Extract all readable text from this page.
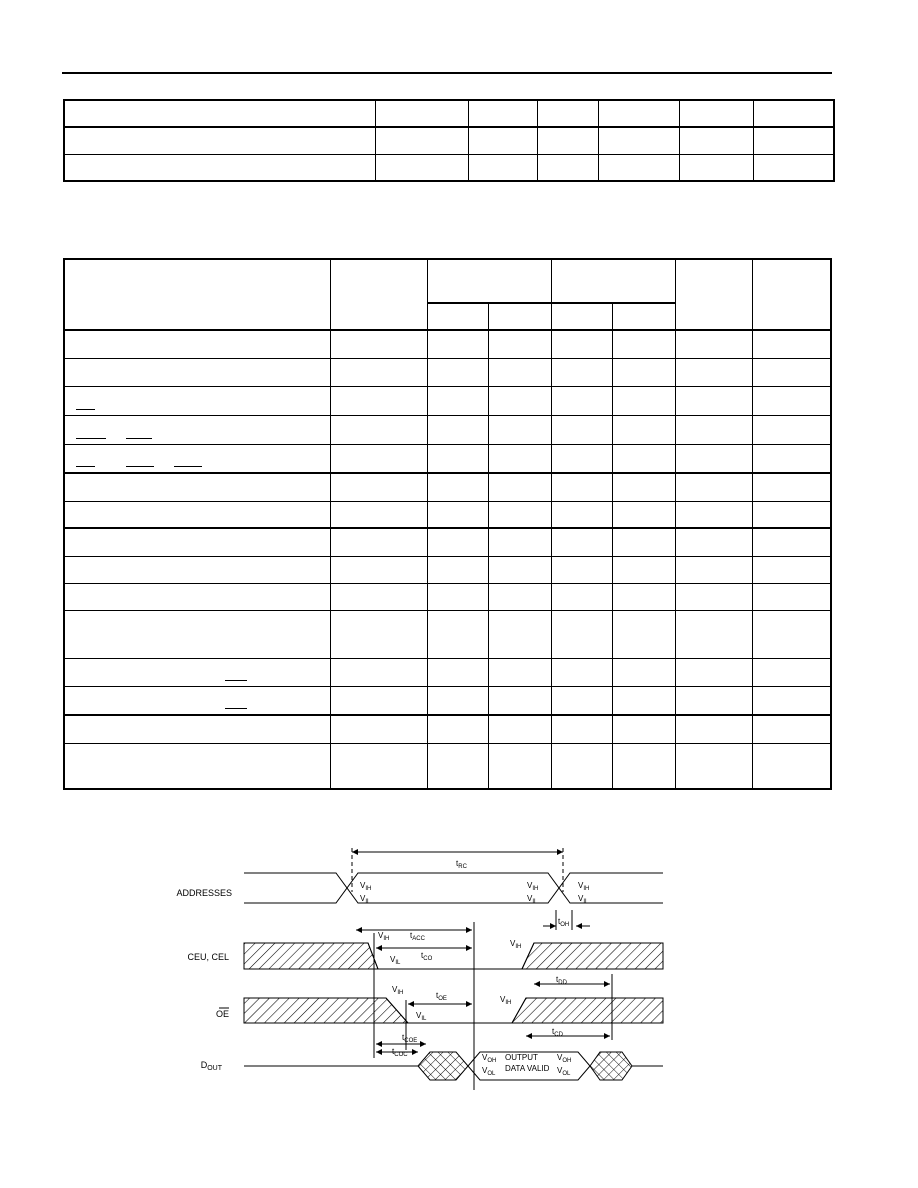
ADDRESSES
CEU, CEL
OE
$D_{OUT}$
$t_{RC}$
$V_{IH}$
$V_{IL}$
$V_{IH}$
$V_{IL}$
$V_{IH}$
$V_{IL}$
$t_{OH}$
$t_{ACC}$
$V_{IH}$
$t_{CO}$
$V_{IL}$
$V_{IH}$
$t_{DD}$
$V_{IH}$	$t_{OE}$
$V_{IL}$
$V_{IH}$
$t_{CD}$
$t_{COE}$
$t_{COC}$	$V_{OH}$
$V_{OL}$
OUTPUT
DATA VALID
$V_{OH}$
$V_{OL}$
